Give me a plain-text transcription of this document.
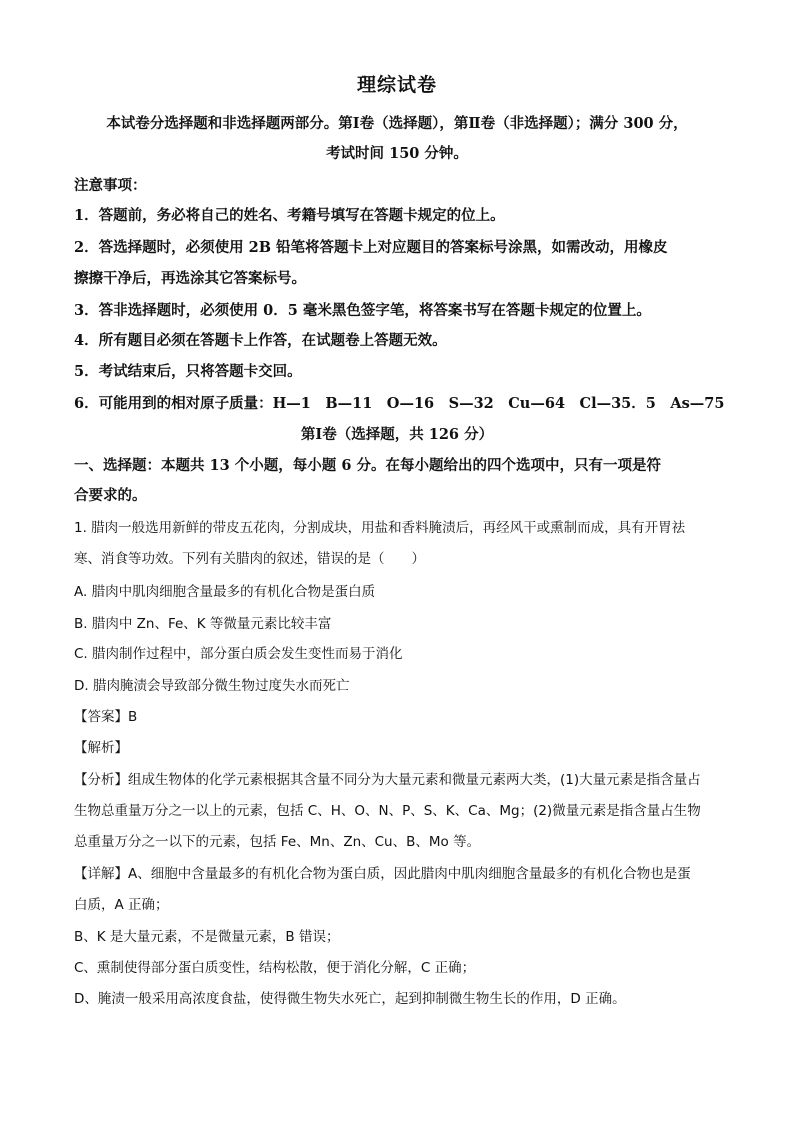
理综试卷
本试卷分选择题和非选择题两部分。第Ⅰ卷（选择题），第Ⅱ卷（非选择题）；满分 300 分，
考试时间 150 分钟。
注意事项：
1．答题前，务必将自己的姓名、考籍号填写在答题卡规定的位上。
2．答选择题时，必须使用 2B 铅笔将答题卡上对应题目的答案标号涂黑，如需改动，用橡皮
擦擦干净后，再选涂其它答案标号。
3．答非选择题时，必须使用 0．5 毫米黑色签字笔，将答案书写在答题卡规定的位置上。
4．所有题目必须在答题卡上作答，在试题卷上答题无效。
5．考试结束后，只将答题卡交回。
6．可能用到的相对原子质量：H—1　B—11　O—16　S—32　Cu—64　Cl—35．5　As—75
第Ⅰ卷（选择题，共 126 分）
一、选择题：本题共 13 个小题，每小题 6 分。在每小题给出的四个选项中，只有一项是符
合要求的。
1. 腊肉一般选用新鲜的带皮五花肉，分割成块，用盐和香料腌渍后，再经风干或熏制而成，具有开胃祛
寒、消食等功效。下列有关腊肉的叙述，错误的是（　　）
A. 腊肉中肌肉细胞含量最多的有机化合物是蛋白质
B. 腊肉中 Zn、Fe、K 等微量元素比较丰富
C. 腊肉制作过程中，部分蛋白质会发生变性而易于消化
D. 腊肉腌渍会导致部分微生物过度失水而死亡
【答案】B
【解析】
【分析】组成生物体的化学元素根据其含量不同分为大量元素和微量元素两大类，(1)大量元素是指含量占
生物总重量万分之一以上的元素，包括 C、H、O、N、P、S、K、Ca、Mg；(2)微量元素是指含量占生物
总重量万分之一以下的元素，包括 Fe、Mn、Zn、Cu、B、Mo 等。
【详解】A、细胞中含量最多的有机化合物为蛋白质，因此腊肉中肌肉细胞含量最多的有机化合物也是蛋
白质，A 正确；
B、K 是大量元素，不是微量元素，B 错误；
C、熏制使得部分蛋白质变性，结构松散，便于消化分解，C 正确；
D、腌渍一般采用高浓度食盐，使得微生物失水死亡，起到抑制微生物生长的作用，D 正确。
